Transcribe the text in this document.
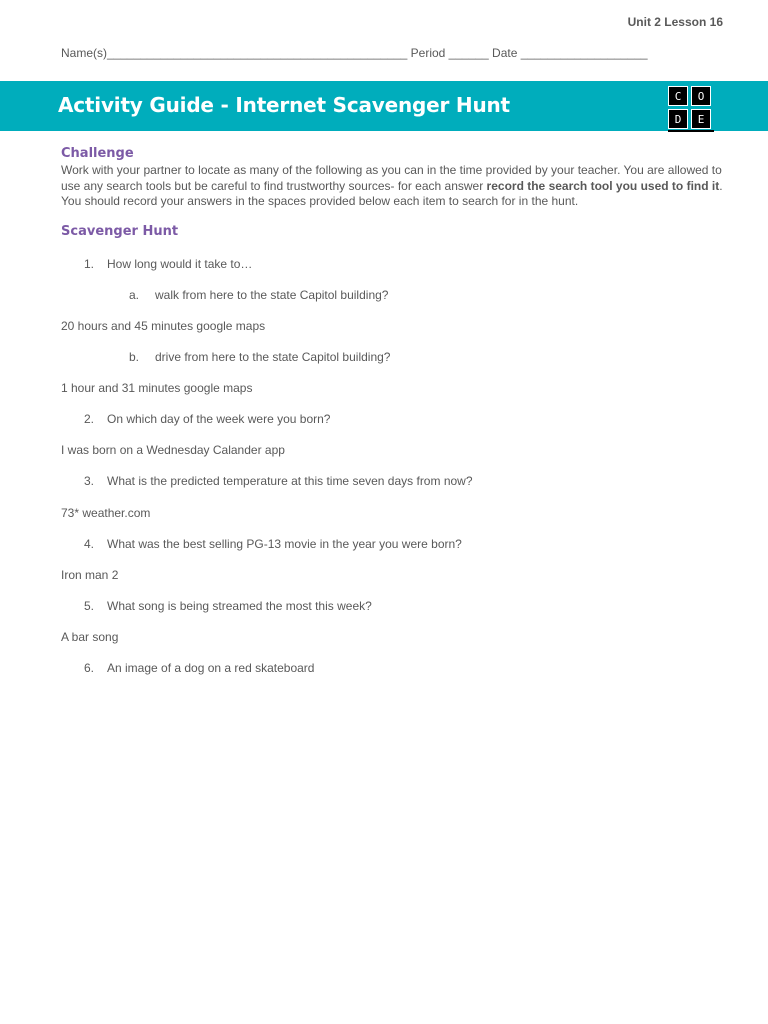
Unit 2 Lesson 16
Name(s)_____________________________________________ Period ______ Date ___________________
Activity Guide - Internet Scavenger Hunt	C	O
D	E
Challenge
Work with your partner to locate as many of the following as you can in the time provided by your teacher. You are allowed to use any search tools but be careful to find trustworthy sources- for each answer record the search tool you used to find it. You should record your answers in the spaces provided below each item to search for in the hunt.
Scavenger Hunt
1. How long would it take to…
a. walk from here to the state Capitol building?
20 hours and 45 minutes google maps
b. drive from here to the state Capitol building?
1 hour and 31 minutes google maps
2. On which day of the week were you born?
I was born on a Wednesday Calander app
3. What is the predicted temperature at this time seven days from now?
73* weather.com
4. What was the best selling PG-13 movie in the year you were born?
Iron man 2
5. What song is being streamed the most this week?
A bar song
6. An image of a dog on a red skateboard
